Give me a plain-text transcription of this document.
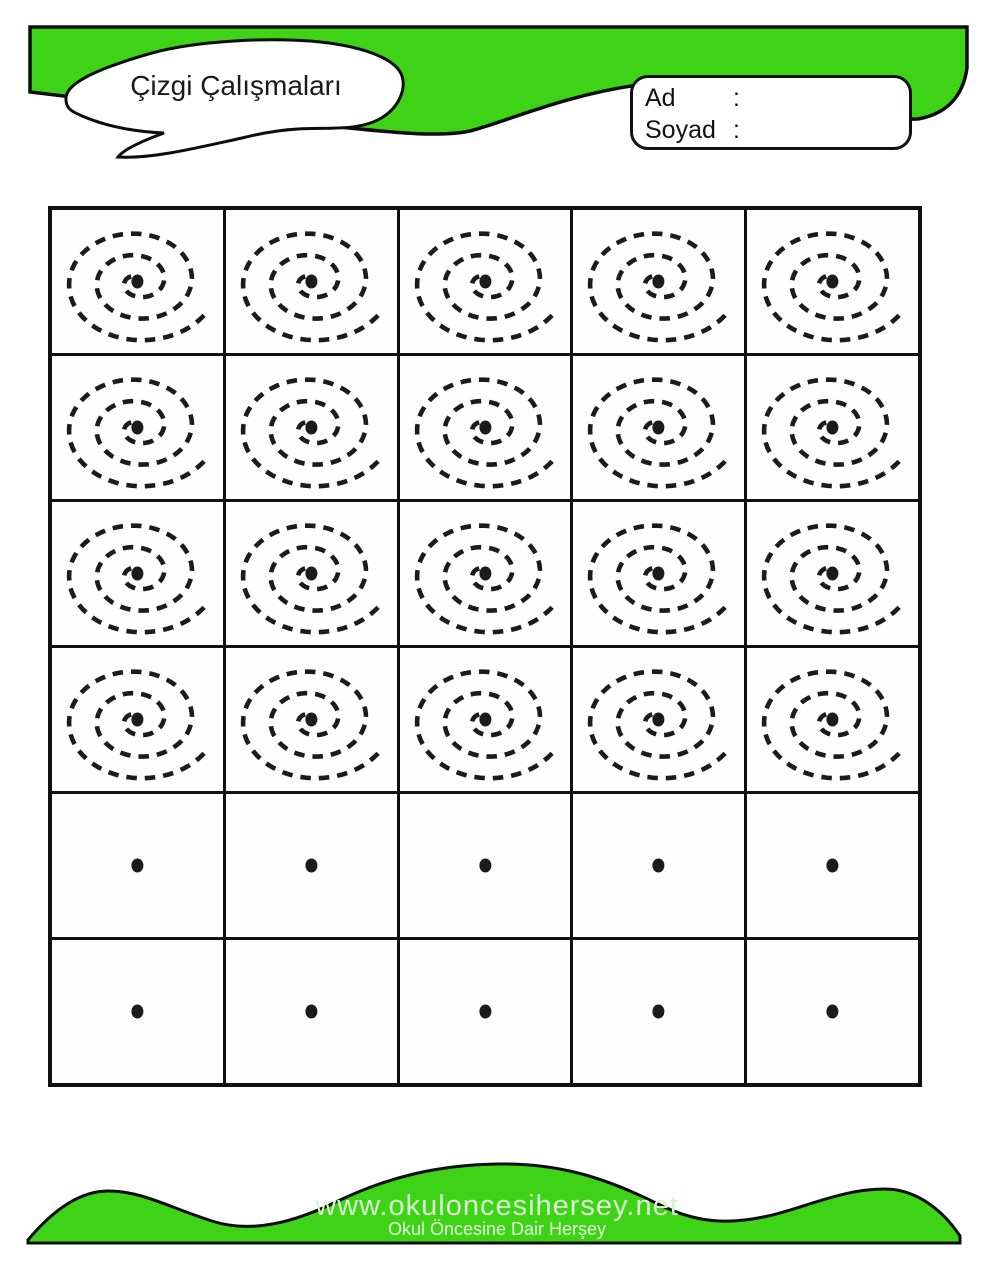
Çizgi Çalışmaları	Ad	:
Soyad :
www.okuloncesihersey.net
Okul Öncesine Dair Herşey
